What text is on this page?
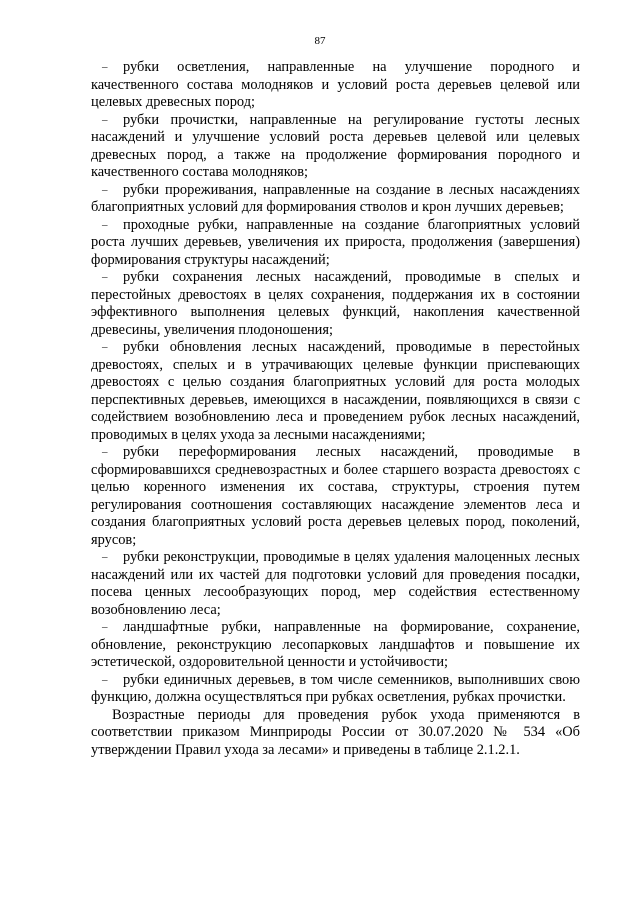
87

– рубки осветления, направленные на улучшение породного и качественного состава молодняков и условий роста деревьев целевой или целевых древесных пород;

– рубки прочистки, направленные на регулирование густоты лесных насаждений и улучшение условий роста деревьев целевой или целевых древесных пород, а также на продолжение формирования породного и качественного состава молодняков;

– рубки прореживания, направленные на создание в лесных насаждениях благоприятных условий для формирования стволов и крон лучших деревьев;

– проходные рубки, направленные на создание благоприятных условий роста лучших деревьев, увеличения их прироста, продолжения (завершения) формирования структуры насаждений;

– рубки сохранения лесных насаждений, проводимые в спелых и перестойных древостоях в целях сохранения, поддержания их в состоянии эффективного выполнения целевых функций, накопления качественной древесины, увеличения плодоношения;

– рубки обновления лесных насаждений, проводимые в перестойных древостоях, спелых и в утрачивающих целевые функции приспевающих древостоях с целью создания благоприятных условий для роста молодых перспективных деревьев, имеющихся в насаждении, появляющихся в связи с содействием возобновлению леса и проведением рубок лесных насаждений, проводимых в целях ухода за лесными насаждениями;

– рубки переформирования лесных насаждений, проводимые в сформировавшихся средневозрастных и более старшего возраста древостоях с целью коренного изменения их состава, структуры, строения путем регулирования соотношения составляющих насаждение элементов леса и создания благоприятных условий роста деревьев целевых пород, поколений, ярусов;

– рубки реконструкции, проводимые в целях удаления малоценных лесных насаждений или их частей для подготовки условий для проведения посадки, посева ценных лесообразующих пород, мер содействия естественному возобновлению леса;

– ландшафтные рубки, направленные на формирование, сохранение, обновление, реконструкцию лесопарковых ландшафтов и повышение их эстетической, оздоровительной ценности и устойчивости;

– рубки единичных деревьев, в том числе семенников, выполнивших свою функцию, должна осуществляться при рубках осветления, рубках прочистки.

Возрастные периоды для проведения рубок ухода применяются в соответствии приказом Минприроды России от 30.07.2020 № 534 «Об утверждении Правил ухода за лесами» и приведены в таблице 2.1.2.1.
